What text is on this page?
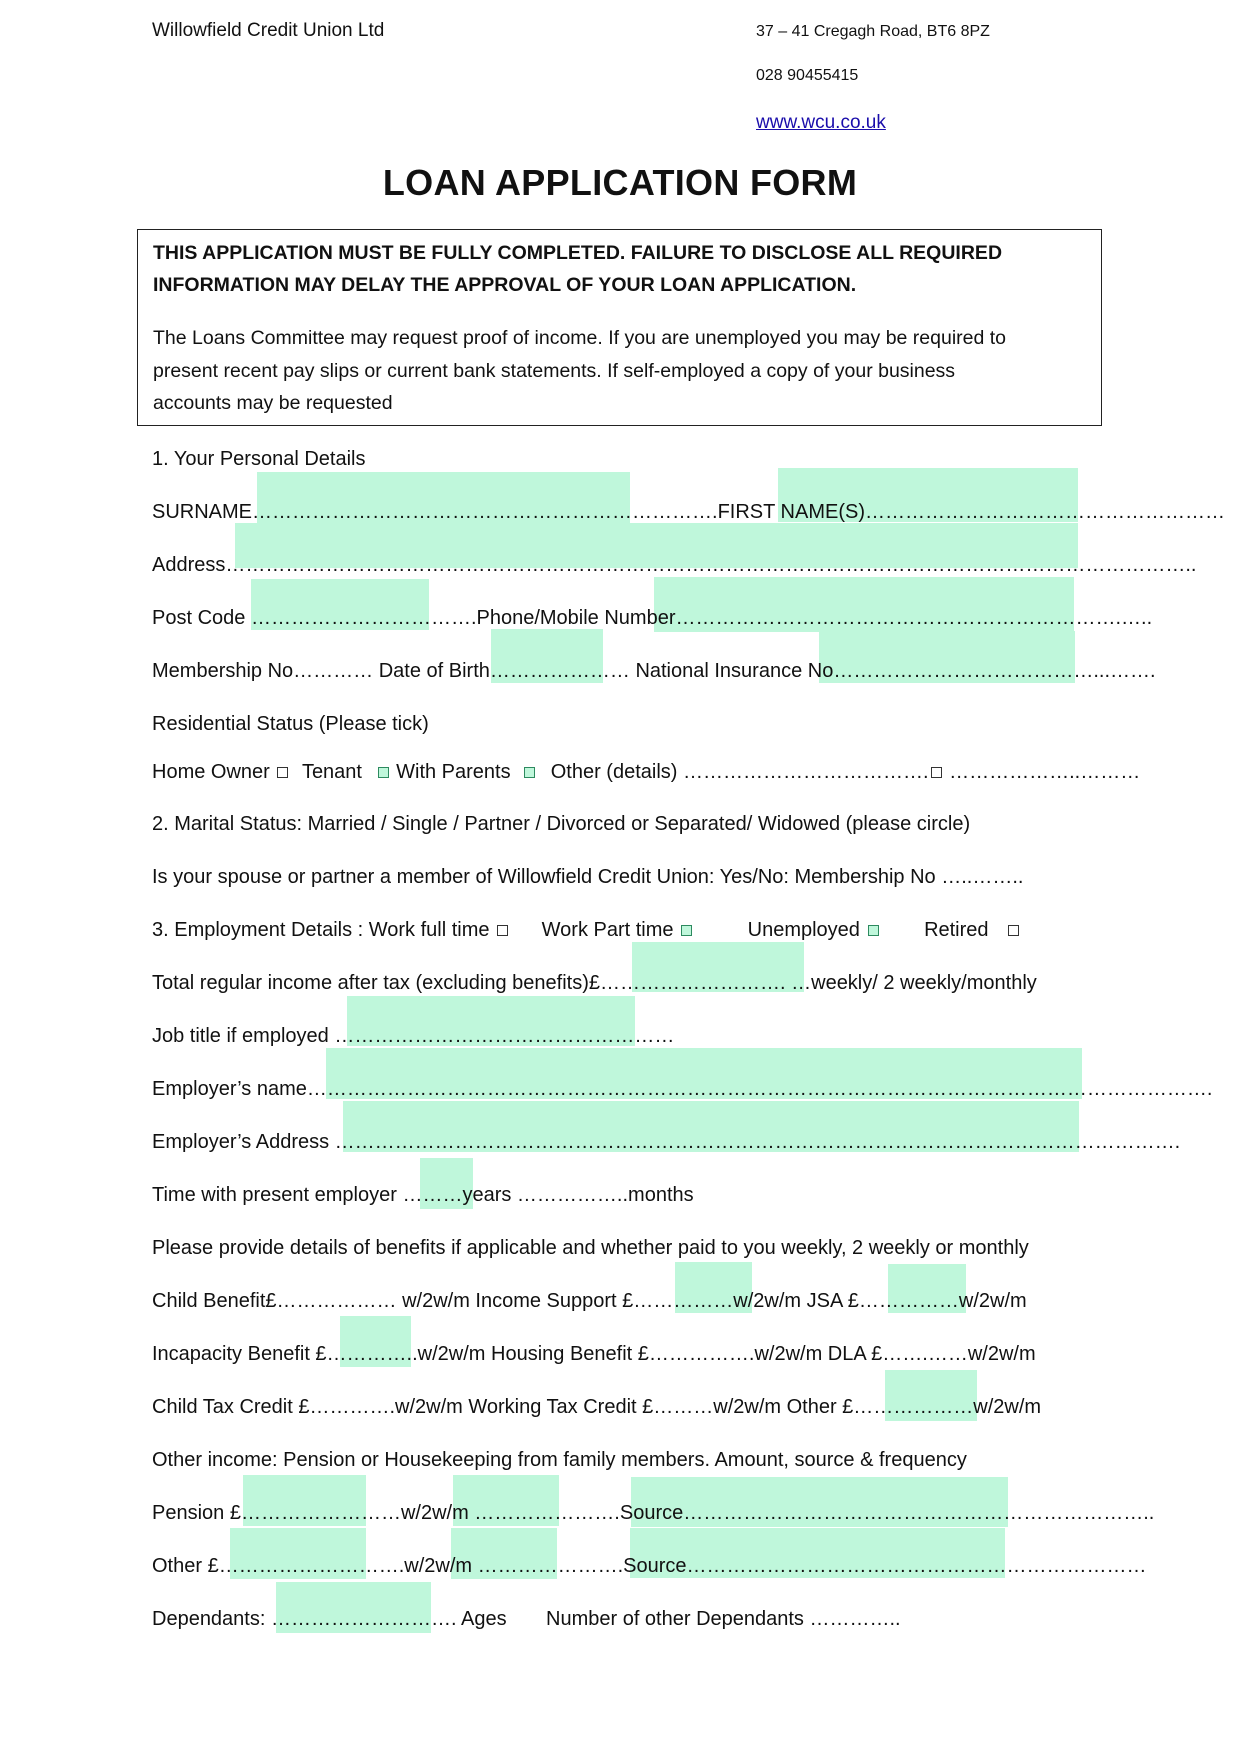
Willowfield Credit Union Ltd	37 – 41 Cregagh Road, BT6 8PZ
028 90455415
www.wcu.co.uk
LOAN APPLICATION FORM
THIS APPLICATION MUST BE FULLY COMPLETED. FAILURE TO DISCLOSE ALL REQUIRED
INFORMATION MAY DELAY THE APPROVAL OF YOUR LOAN APPLICATION.
The Loans Committee may request proof of income. If you are unemployed you may be required to
present recent pay slips or current bank statements. If self-employed a copy of your business
accounts may be requested
1. Your Personal Details
SURNAME…………………………………………………………….FIRST NAME(S)………………………………………………
Address………………………………………………………………………………………………………………………………..
Post Code …………………………….Phone/Mobile Number………………………………………………………….…..
Membership No………… Date of Birth………………… National Insurance No…………………………………...…….
Residential Status (Please tick)
Home Owner Tenant With Parents Other (details) ………………………………. ………………..………
2. Marital Status: Married / Single / Partner / Divorced or Separated/ Widowed (please circle)
Is your spouse or partner a member of Willowfield Credit Union: Yes/No: Membership No …..……..
3. Employment Details : Work full time	Work Part time	Unemployed	Retired
Total regular income after tax (excluding benefits)£………………………. …weekly/ 2 weekly/monthly
Job title if employed ……………………………………………
Employer’s name……………………………………………………………………………………………………………………….
Employer’s Address ……………………………………………………………………………………………………………….
Time with present employer ………years ……………..months
Please provide details of benefits if applicable and whether paid to you weekly, 2 weekly or monthly
Child Benefit£……………… w/2w/m Income Support £……………w/2w/m JSA £……………w/2w/m
Incapacity Benefit £…………..w/2w/m Housing Benefit £…………….w/2w/m DLA £…….……w/2w/m
Child Tax Credit £………….w/2w/m Working Tax Credit £………w/2w/m Other £………………w/2w/m
Other income: Pension or Housekeeping from family members. Amount, source & frequency
Pension £……………………w/2w/m ………………….Source……………………………………………………………..
Other £……………………….w/2w/m ………………….Source……………………………………………………………
Dependants: ………………………. Ages Number of other Dependants …………..
